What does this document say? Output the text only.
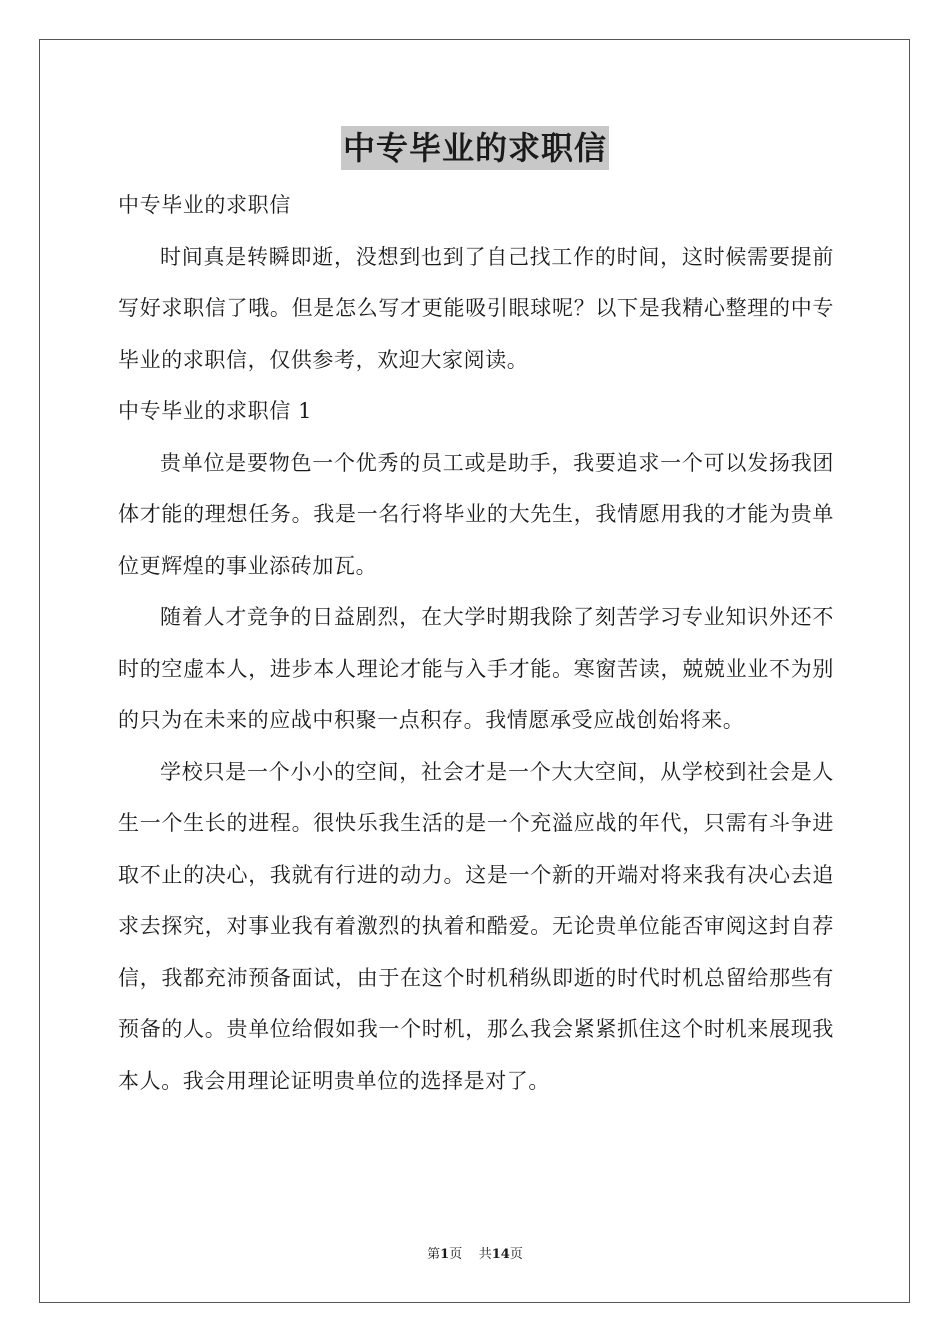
中专毕业的求职信

中专毕业的求职信

时间真是转瞬即逝，没想到也到了自己找工作的时间，这时候需要提前写好求职信了哦。但是怎么写才更能吸引眼球呢？以下是我精心整理的中专毕业的求职信，仅供参考，欢迎大家阅读。

中专毕业的求职信 1

贵单位是要物色一个优秀的员工或是助手，我要追求一个可以发扬我团体才能的理想任务。我是一名行将毕业的大先生，我情愿用我的才能为贵单位更辉煌的事业添砖加瓦。

随着人才竞争的日益剧烈，在大学时期我除了刻苦学习专业知识外还不时的空虚本人，进步本人理论才能与入手才能。寒窗苦读，兢兢业业不为别的只为在未来的应战中积聚一点积存。我情愿承受应战创始将来。

学校只是一个小小的空间，社会才是一个大大空间，从学校到社会是人生一个生长的进程。很快乐我生活的是一个充溢应战的年代，只需有斗争进取不止的决心，我就有行进的动力。这是一个新的开端对将来我有决心去追求去探究，对事业我有着激烈的执着和酷爱。无论贵单位能否审阅这封自荐信，我都充沛预备面试，由于在这个时机稍纵即逝的时代时机总留给那些有预备的人。贵单位给假如我一个时机，那么我会紧紧抓住这个时机来展现我本人。我会用理论证明贵单位的选择是对了。

第1页 共14页
